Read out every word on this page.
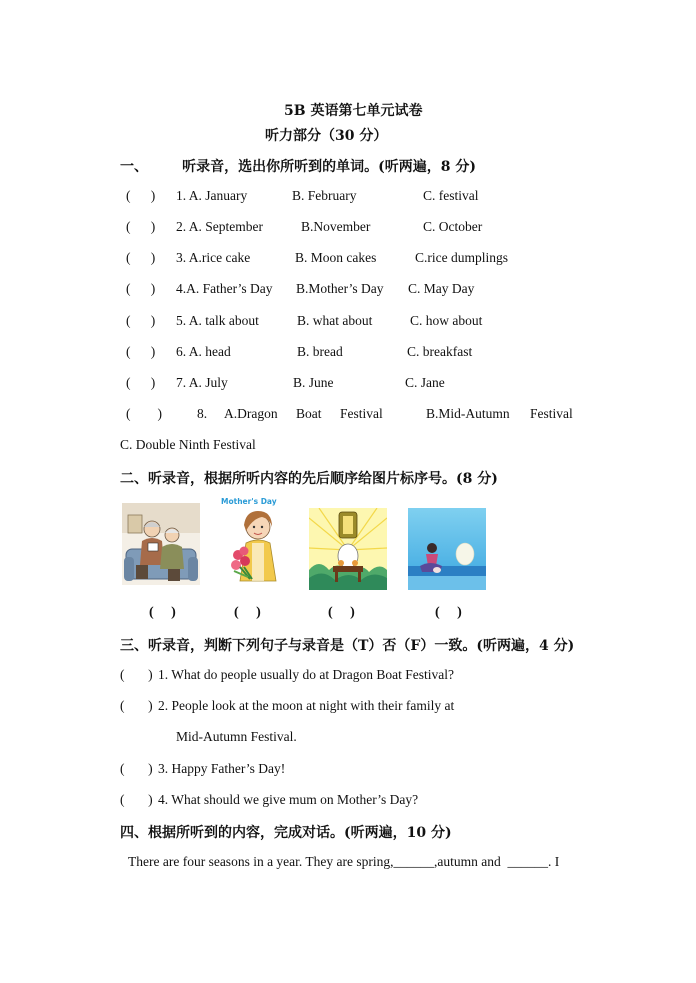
5B 英语第七单元试卷
听力部分（30 分）
一、       听录音，选出你所听到的单词。(听两遍，8 分)
(      ) 1. A. January	B. February	C. festival
(      ) 2. A. September	B.November	C. October
(      ) 3. A.rice cake	B. Moon cakes	C.rice dumplings
(      ) 4.A. Father’s Day B.Mother’s Day C. May Day
(      ) 5. A. talk about	B. what about	C. how about
(      ) 6. A. head	B. bread	C. breakfast
(      ) 7. A. July	B. June	C. Jane
(        )	8. A.Dragon Boat Festival	B.Mid-Autumn Festival
C. Double Ninth Festival
二、听录音，根据所听内容的先后顺序给图片标序号。(8 分)
Mother's Day
(     )	(     )	(     )	(     )
三、听录音，判断下列句子与录音是（T）否（F）一致。(听两遍，4 分)
(       ) 1. What do people usually do at Dragon Boat Festival?
(       ) 2. People look at the moon at night with their family at
Mid-Autumn Festival.
(       ) 3. Happy Father’s Day!
(       ) 4. What should we give mum on Mother’s Day?
四、根据所听到的内容，完成对话。(听两遍，10 分)
There are four seasons in a year. They are spring,______,autumn and  ______. I
